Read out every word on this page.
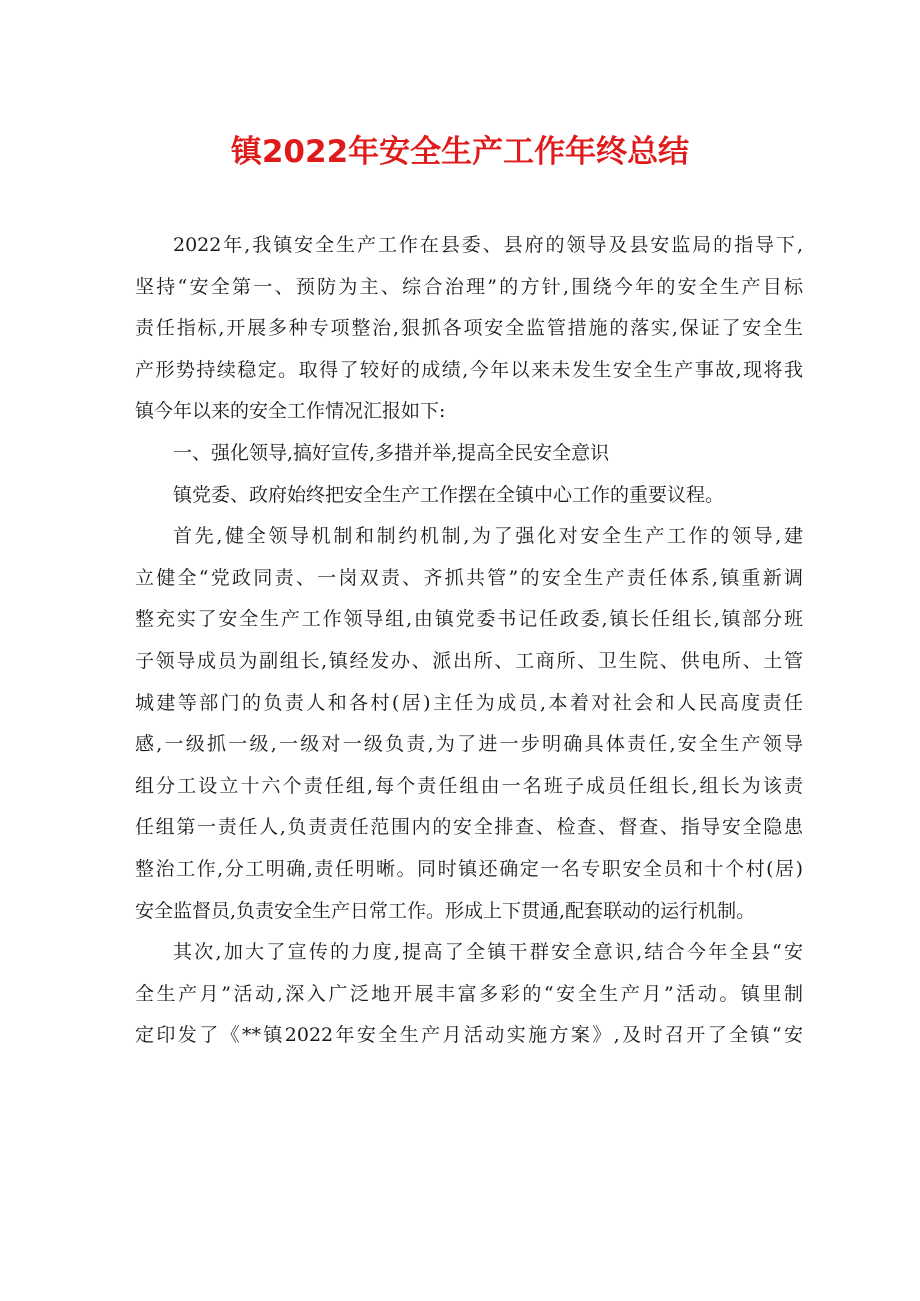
镇2022年安全生产工作年终总结
2022年,我镇安全生产工作在县委、县府的领导及县安监局的指导下,
坚持“安全第一、预防为主、综合治理”的方针,围绕今年的安全生产目标
责任指标,开展多种专项整治,狠抓各项安全监管措施的落实,保证了安全生
产形势持续稳定。取得了较好的成绩,今年以来未发生安全生产事故,现将我
镇今年以来的安全工作情况汇报如下:
一、强化领导,搞好宣传,多措并举,提高全民安全意识
镇党委、政府始终把安全生产工作摆在全镇中心工作的重要议程。
首先,健全领导机制和制约机制,为了强化对安全生产工作的领导,建
立健全“党政同责、一岗双责、齐抓共管”的安全生产责任体系,镇重新调
整充实了安全生产工作领导组,由镇党委书记任政委,镇长任组长,镇部分班
子领导成员为副组长,镇经发办、派出所、工商所、卫生院、供电所、土管
城建等部门的负责人和各村(居)主任为成员,本着对社会和人民高度责任
感,一级抓一级,一级对一级负责,为了进一步明确具体责任,安全生产领导
组分工设立十六个责任组,每个责任组由一名班子成员任组长,组长为该责
任组第一责任人,负责责任范围内的安全排查、检查、督查、指导安全隐患
整治工作,分工明确,责任明晰。同时镇还确定一名专职安全员和十个村(居)
安全监督员,负责安全生产日常工作。形成上下贯通,配套联动的运行机制。
其次,加大了宣传的力度,提高了全镇干群安全意识,结合今年全县“安
全生产月”活动,深入广泛地开展丰富多彩的“安全生产月”活动。镇里制
定印发了《**镇2022年安全生产月活动实施方案》,及时召开了全镇“安
